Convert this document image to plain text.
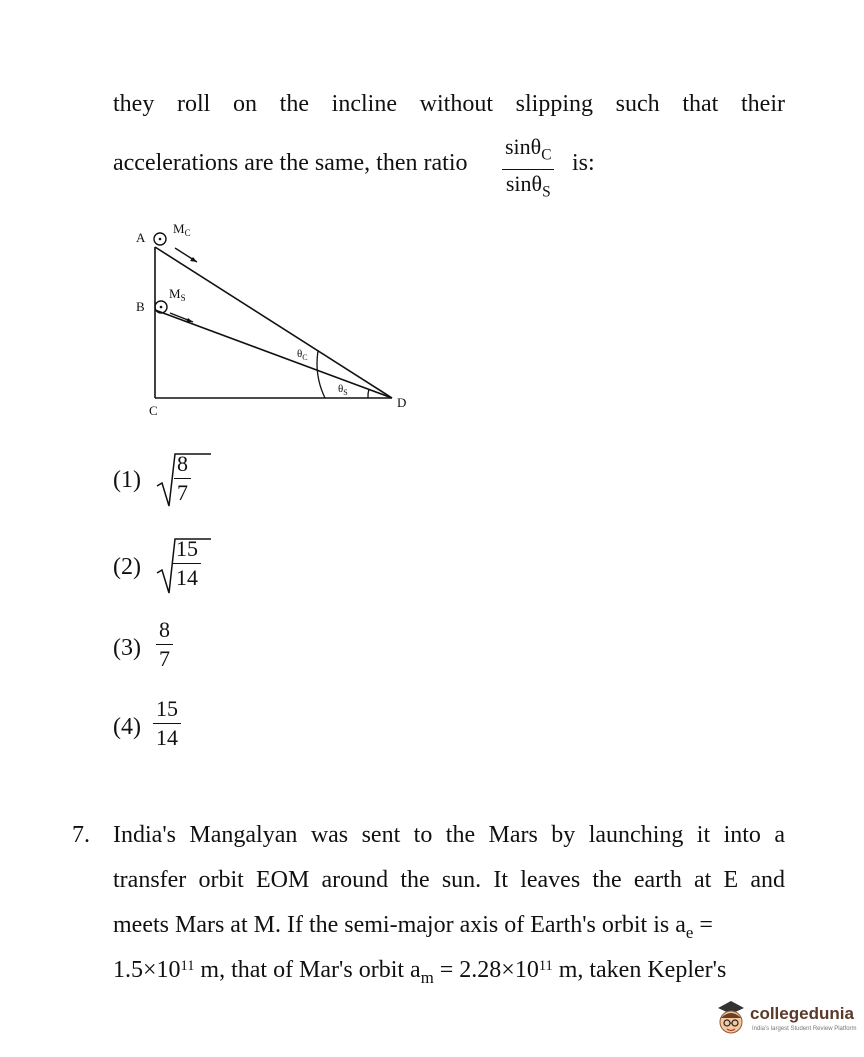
they roll on the incline without slipping such that their
accelerations are the same, then ratio
sinθ$_C$
sinθ$_S$
is:
A
B
C
D
$M_C$
$M_S$
$\theta_C$
$\theta_S$
(1)
8
7
(2)
15
14
(3)
8
7
(4)
15
14
7. India's Mangalyan was sent to the Mars by launching it into a
transfer orbit EOM around the sun. It leaves the earth at E and
meets Mars at M. If the semi-major axis of Earth's orbit is $a_e$ =
$1.5\times 10^{11}$ m, that of Mar's orbit $a_m = 2.28\times 10^{11}$ m, taken Kepler's
collegedunia
India's largest Student Review Platform
